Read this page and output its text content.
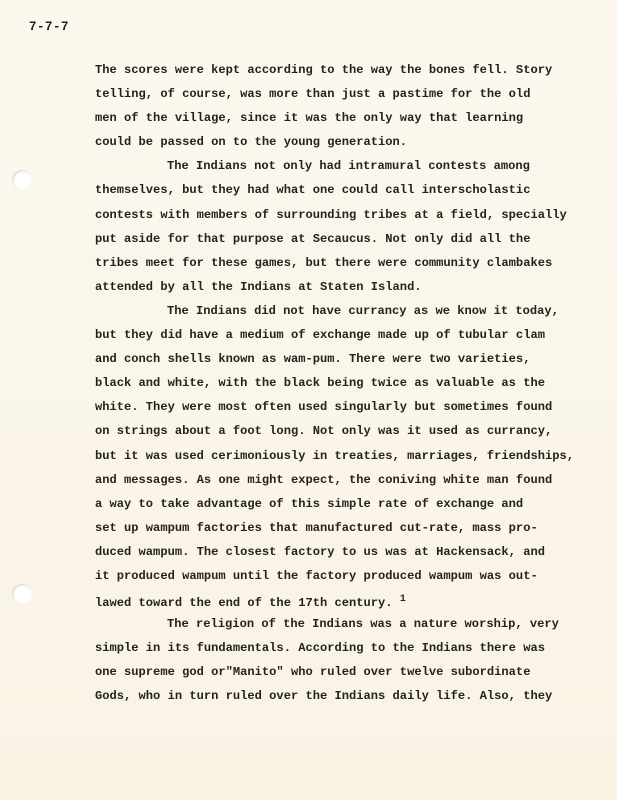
7-7-7
The scores were kept according to the way the bones fell. Story
telling, of course, was more than just a pastime for the old
men of the village, since it was the only way that learning
could be passed on to the young generation.
The Indians not only had intramural contests among
themselves, but they had what one could call interscholastic
contests with members of surrounding tribes at a field, specially
put aside for that purpose at Secaucus. Not only did all the
tribes meet for these games, but there were community clambakes
attended by all the Indians at Staten Island.
The Indians did not have currancy as we know it today,
but they did have a medium of exchange made up of tubular clam
and conch shells known as wam-pum. There were two varieties,
black and white, with the black being twice as valuable as the
white. They were most often used singularly but sometimes found
on strings about a foot long. Not only was it used as currancy,
but it was used cerimoniously in treaties, marriages, friendships,
and messages. As one might expect, the coniving white man found
a way to take advantage of this simple rate of exchange and
set up wampum factories that manufactured cut-rate, mass pro-
duced wampum. The closest factory to us was at Hackensack, and
it produced wampum until the factory produced wampum was out-
lawed toward the end of the 17th century. $^1$
The religion of the Indians was a nature worship, very
simple in its fundamentals. According to the Indians there was
one supreme god or"Manito" who ruled over twelve subordinate
Gods, who in turn ruled over the Indians daily life. Also, they
